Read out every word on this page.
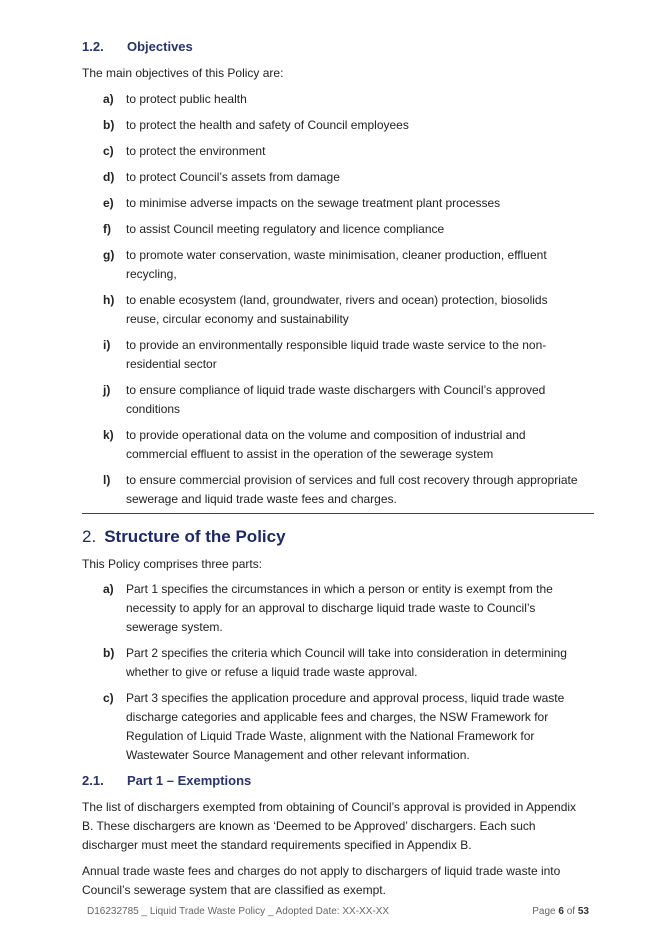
1.2. Objectives
The main objectives of this Policy are:
a) to protect public health
b) to protect the health and safety of Council employees
c) to protect the environment
d) to protect Council’s assets from damage
e) to minimise adverse impacts on the sewage treatment plant processes
f) to assist Council meeting regulatory and licence compliance
g) to promote water conservation, waste minimisation, cleaner production, effluent recycling,
h) to enable ecosystem (land, groundwater, rivers and ocean) protection, biosolids reuse, circular economy and sustainability
i) to provide an environmentally responsible liquid trade waste service to the non-residential sector
j) to ensure compliance of liquid trade waste dischargers with Council’s approved conditions
k) to provide operational data on the volume and composition of industrial and commercial effluent to assist in the operation of the sewerage system
l) to ensure commercial provision of services and full cost recovery through appropriate sewerage and liquid trade waste fees and charges.
2. Structure of the Policy
This Policy comprises three parts:
a) Part 1 specifies the circumstances in which a person or entity is exempt from the necessity to apply for an approval to discharge liquid trade waste to Council’s sewerage system.
b) Part 2 specifies the criteria which Council will take into consideration in determining whether to give or refuse a liquid trade waste approval.
c) Part 3 specifies the application procedure and approval process, liquid trade waste discharge categories and applicable fees and charges, the NSW Framework for Regulation of Liquid Trade Waste, alignment with the National Framework for Wastewater Source Management and other relevant information.
2.1. Part 1 – Exemptions
The list of dischargers exempted from obtaining of Council’s approval is provided in Appendix B. These dischargers are known as ‘Deemed to be Approved’ dischargers. Each such discharger must meet the standard requirements specified in Appendix B.
Annual trade waste fees and charges do not apply to dischargers of liquid trade waste into Council’s sewerage system that are classified as exempt.
D16232785 _ Liquid Trade Waste Policy _ Adopted Date: XX-XX-XX	Page 6 of 53
